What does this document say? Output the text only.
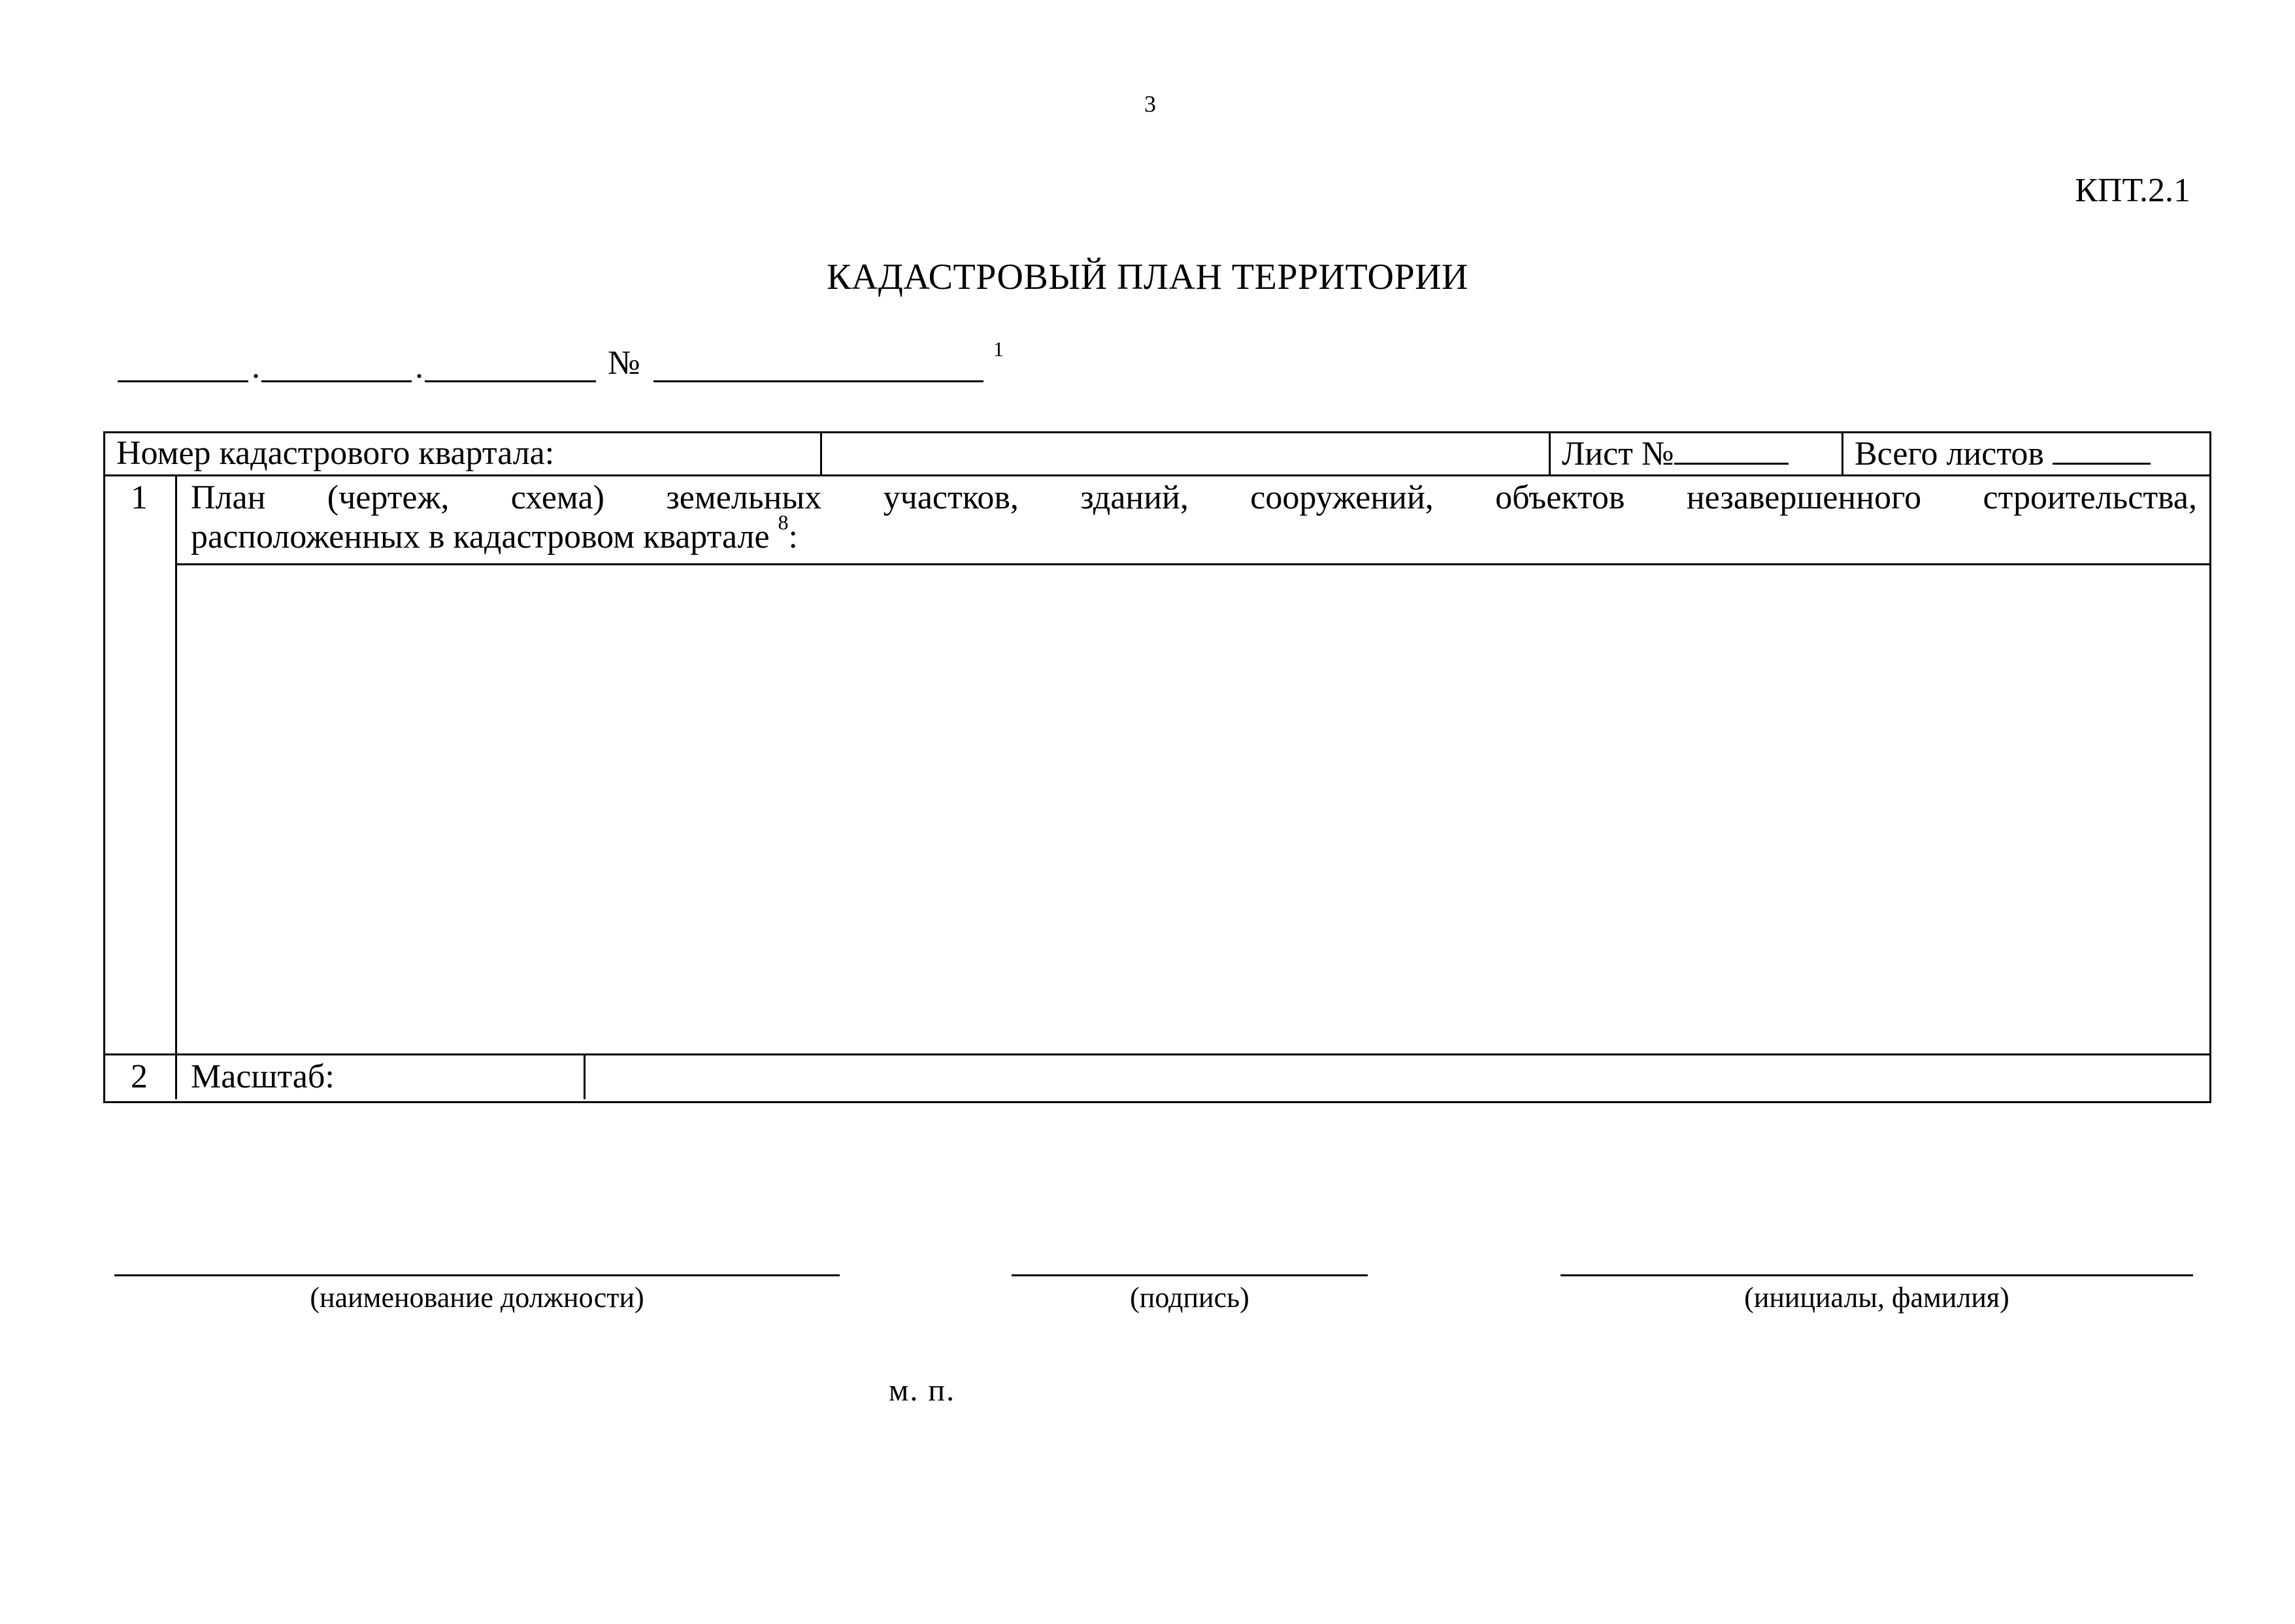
3
КПТ.2.1
КАДАСТРОВЫЙ ПЛАН ТЕРРИТОРИИ
.	.	№	1
Номер кадастрового квартала:	Лист №	Всего листов
1 План (чертеж, схема) земельных участков, зданий, сооружений, объектов незавершенного строительства,
расположенных в кадастровом квартале $^8$:
2 Масштаб:
(наименование должности)	(подпись)	(инициалы, фамилия)
м. п.
